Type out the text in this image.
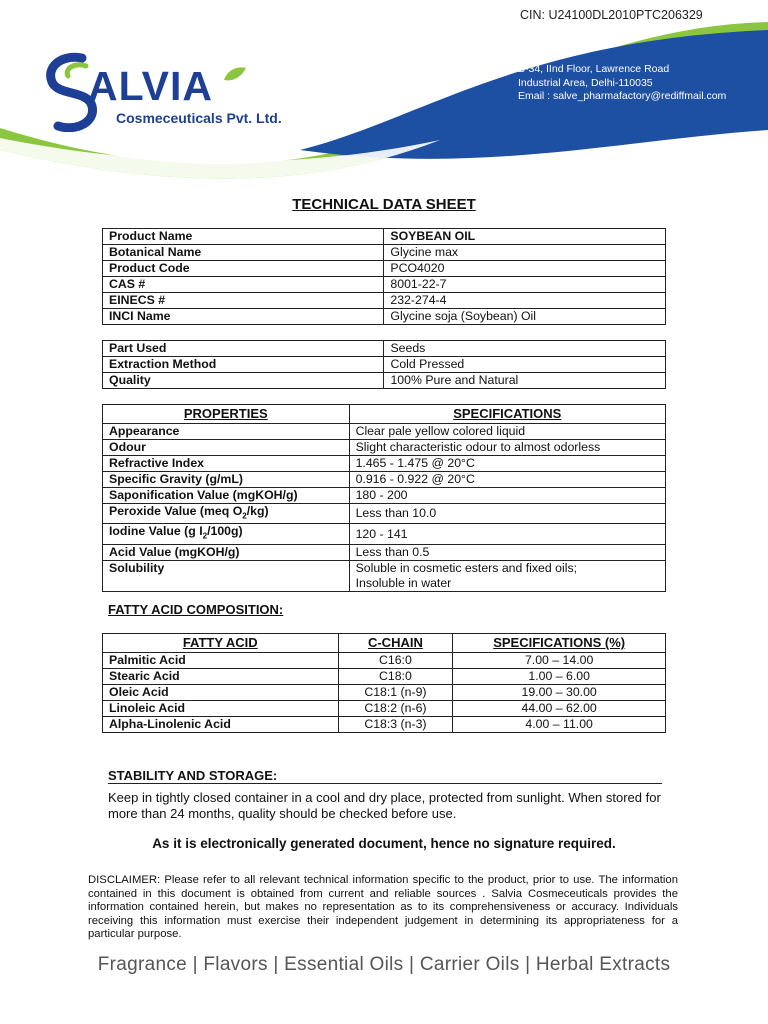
ALVIA
Cosmeceuticals Pvt. Ltd.
CIN: U24100DL2010PTC206329
B-34, IInd Floor, Lawrence Road
Industrial Area, Delhi-110035
Email : salve_pharmafactory@rediffmail.com
TECHNICAL DATA SHEET
Product Name	SOYBEAN OIL
Botanical Name	Glycine max
Product Code	PCO4020
CAS #	8001-22-7
EINECS #	232-274-4
INCI Name	Glycine soja (Soybean) Oil
Part Used	Seeds
Extraction Method	Cold Pressed
Quality	100% Pure and Natural
PROPERTIES	SPECIFICATIONS
Appearance	Clear pale yellow colored liquid
Odour	Slight characteristic odour to almost odorless
Refractive Index	1.465 - 1.475 @ 20°C
Specific Gravity (g/mL)	0.916 - 0.922 @ 20°C
Saponification Value (mgKOH/g)	180 - 200
Peroxide Value (meq $O_2/kg$)	Less than 10.0
Iodine Value (g $I_2/100g$)	120 - 141
Acid Value (mgKOH/g)	Less than 0.5
Solubility	Soluble in cosmetic esters and fixed oils;
Insoluble in water
FATTY ACID COMPOSITION:
FATTY ACID	C-CHAIN	SPECIFICATIONS (%)
Palmitic Acid	C16:0	7.00 – 14.00
Stearic Acid	C18:0	1.00 – 6.00
Oleic Acid	C18:1 (n-9)	19.00 – 30.00
Linoleic Acid	C18:2 (n-6)	44.00 – 62.00
Alpha-Linolenic Acid	C18:3 (n-3)	4.00 – 11.00
STABILITY AND STORAGE:
Keep in tightly closed container in a cool and dry place, protected from sunlight. When stored for more than 24 months, quality should be checked before use.
As it is electronically generated document, hence no signature required.
DISCLAIMER: Please refer to all relevant technical information specific to the product, prior to use. The information contained in this document is obtained from current and reliable sources . Salvia Cosmeceuticals provides the information contained herein, but makes no representation as to its comprehensiveness or accuracy. Individuals receiving this information must exercise their independent judgement in determining its appropriateness for a particular purpose.
Fragrance | Flavors | Essential Oils | Carrier Oils | Herbal Extracts
